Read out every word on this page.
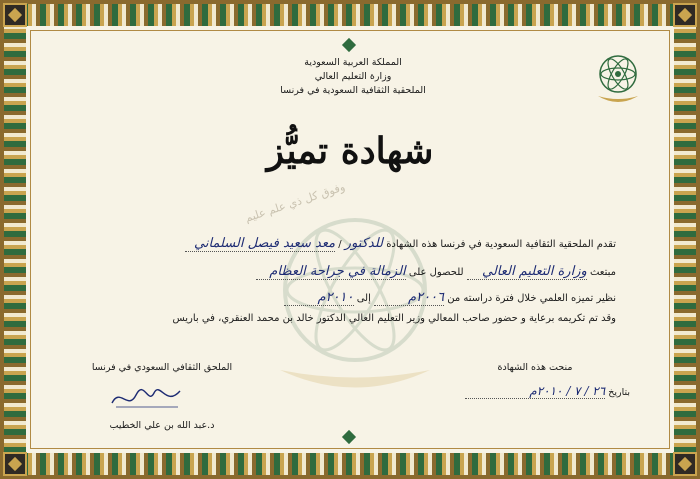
المملكة العربية السعودية
وزارة التعليم العالي
الملحقية الثقافية السعودية في فرنسا
شهادة تميُّز
وفوق كل ذي علم عليم
تقدم الملحقية الثقافية السعودية في فرنسا هذه الشهادة للدكتور / معد سعيد فيصل السلماني
مبتعث وزارة التعليم العالي للحصول على الزمالة في جراحة العظام
نظير تميزه العلمي خلال فترة دراسته من ٢٠٠٦م إلى ٢٠١٠م
وقد تم تكريمه برعاية و حضور صاحب المعالي وزير التعليم العالي الدكتور خالد بن محمد العنقري، في باريس
الملحق الثقافي السعودي في فرنسا
د.عبد الله بن علي الخطيب
منحت هذه الشهادة
بتاريخ ٢٦ / ٧ / ٢٠١٠م
